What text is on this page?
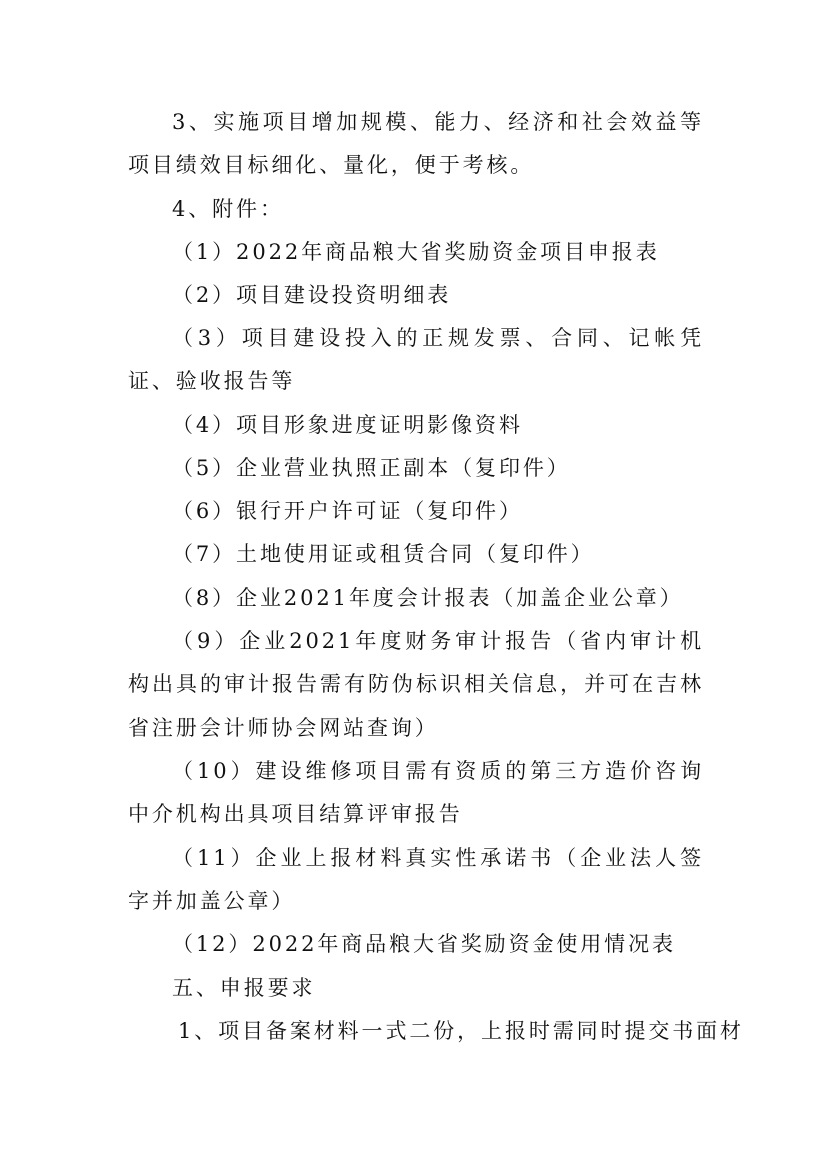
3、实施项目增加规模、能力、经济和社会效益等项目绩效目标细化、量化，便于考核。

4、附件：
（1）2022年商品粮大省奖励资金项目申报表
（2）项目建设投资明细表

（3）项目建设投入的正规发票、合同、记帐凭证、验收报告等

（4）项目形象进度证明影像资料
（5）企业营业执照正副本（复印件）
（6）银行开户许可证（复印件）
（7）土地使用证或租赁合同（复印件）
（8）企业2021年度会计报表（加盖企业公章）

（9）企业2021年度财务审计报告（省内审计机构出具的审计报告需有防伪标识相关信息，并可在吉林省注册会计师协会网站查询）

（10）建设维修项目需有资质的第三方造价咨询中介机构出具项目结算评审报告

（11）企业上报材料真实性承诺书（企业法人签字并加盖公章）

（12）2022年商品粮大省奖励资金使用情况表
五、申报要求
1、项目备案材料一式二份，上报时需同时提交书面材
